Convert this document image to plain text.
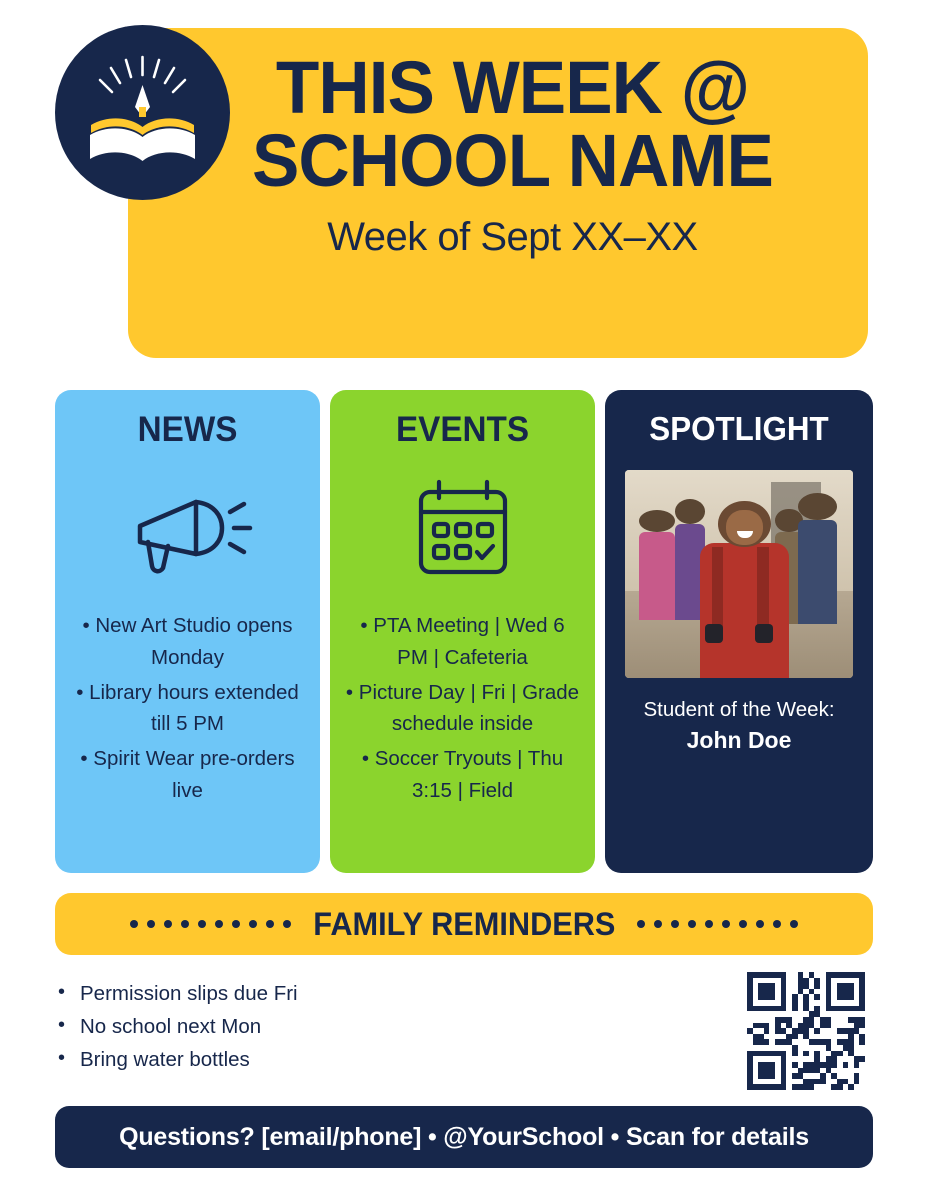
THIS WEEK @
SCHOOL NAME
Week of Sept XX–XX
NEWS
• New Art Studio opens Monday
• Library hours extended till 5 PM
• Spirit Wear pre-orders live
EVENTS
• PTA Meeting | Wed 6 PM | Cafeteria
• Picture Day | Fri | Grade schedule inside
• Soccer Tryouts | Thu 3:15 | Field
SPOTLIGHT
Student of the Week:
John Doe
FAMILY REMINDERS
• Permission slips due Fri
• No school next Mon
• Bring water bottles
Questions? [email/phone] • @YourSchool • Scan for details
